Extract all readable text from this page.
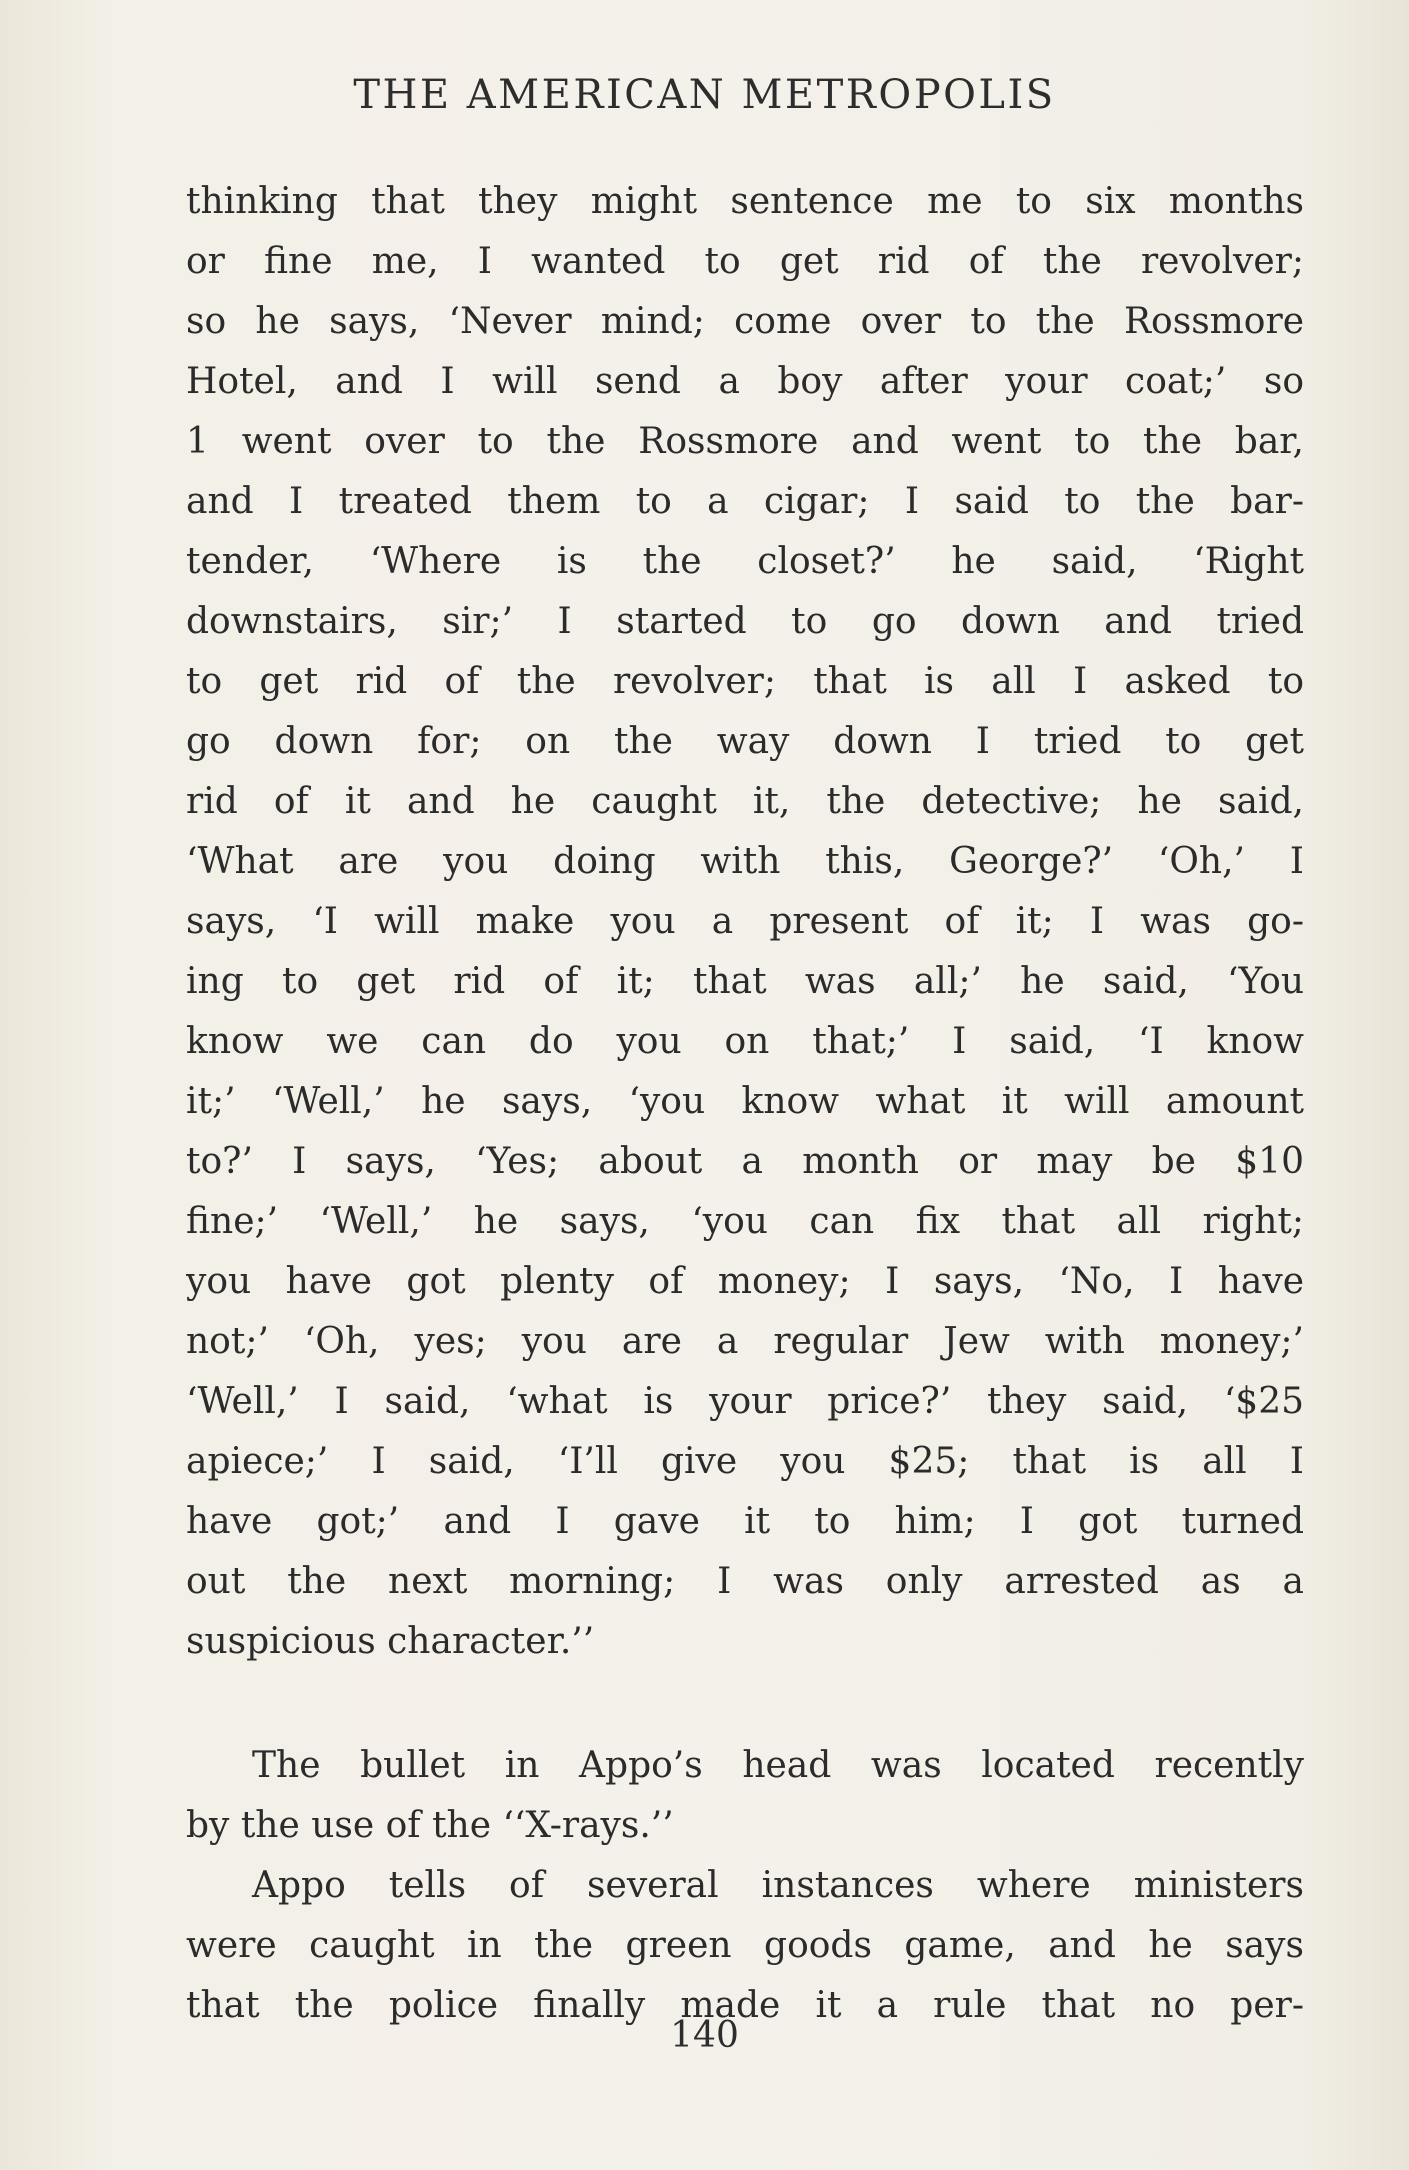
THE AMERICAN METROPOLIS
thinking that they might sentence me to six months
or fine me, I wanted to get rid of the revolver;
so he says, ‘Never mind; come over to the Rossmore
Hotel, and I will send a boy after your coat;’ so
1 went over to the Rossmore and went to the bar,
and I treated them to a cigar; I said to the bar-
tender, ‘Where is the closet?’ he said, ‘Right
downstairs, sir;’ I started to go down and tried
to get rid of the revolver; that is all I asked to
go down for; on the way down I tried to get
rid of it and he caught it, the detective; he said,
‘What are you doing with this, George?’ ‘Oh,’ I
says, ‘I will make you a present of it; I was go-
ing to get rid of it; that was all;’ he said, ‘You
know we can do you on that;’ I said, ‘I know
it;’ ‘Well,’ he says, ‘you know what it will amount
to?’ I says, ‘Yes; about a month or may be $10
fine;’ ‘Well,’ he says, ‘you can fix that all right;
you have got plenty of money; I says, ‘No, I have
not;’ ‘Oh, yes; you are a regular Jew with money;’
‘Well,’ I said, ‘what is your price?’ they said, ‘$25
apiece;’ I said, ‘I’ll give you $25; that is all I
have got;’ and I gave it to him; I got turned
out the next morning; I was only arrested as a
suspicious character.’’
The bullet in Appo’s head was located recently
by the use of the ‘‘X-rays.’’
Appo tells of several instances where ministers
were caught in the green goods game, and he says
that the police finally made it a rule that no per-
140
